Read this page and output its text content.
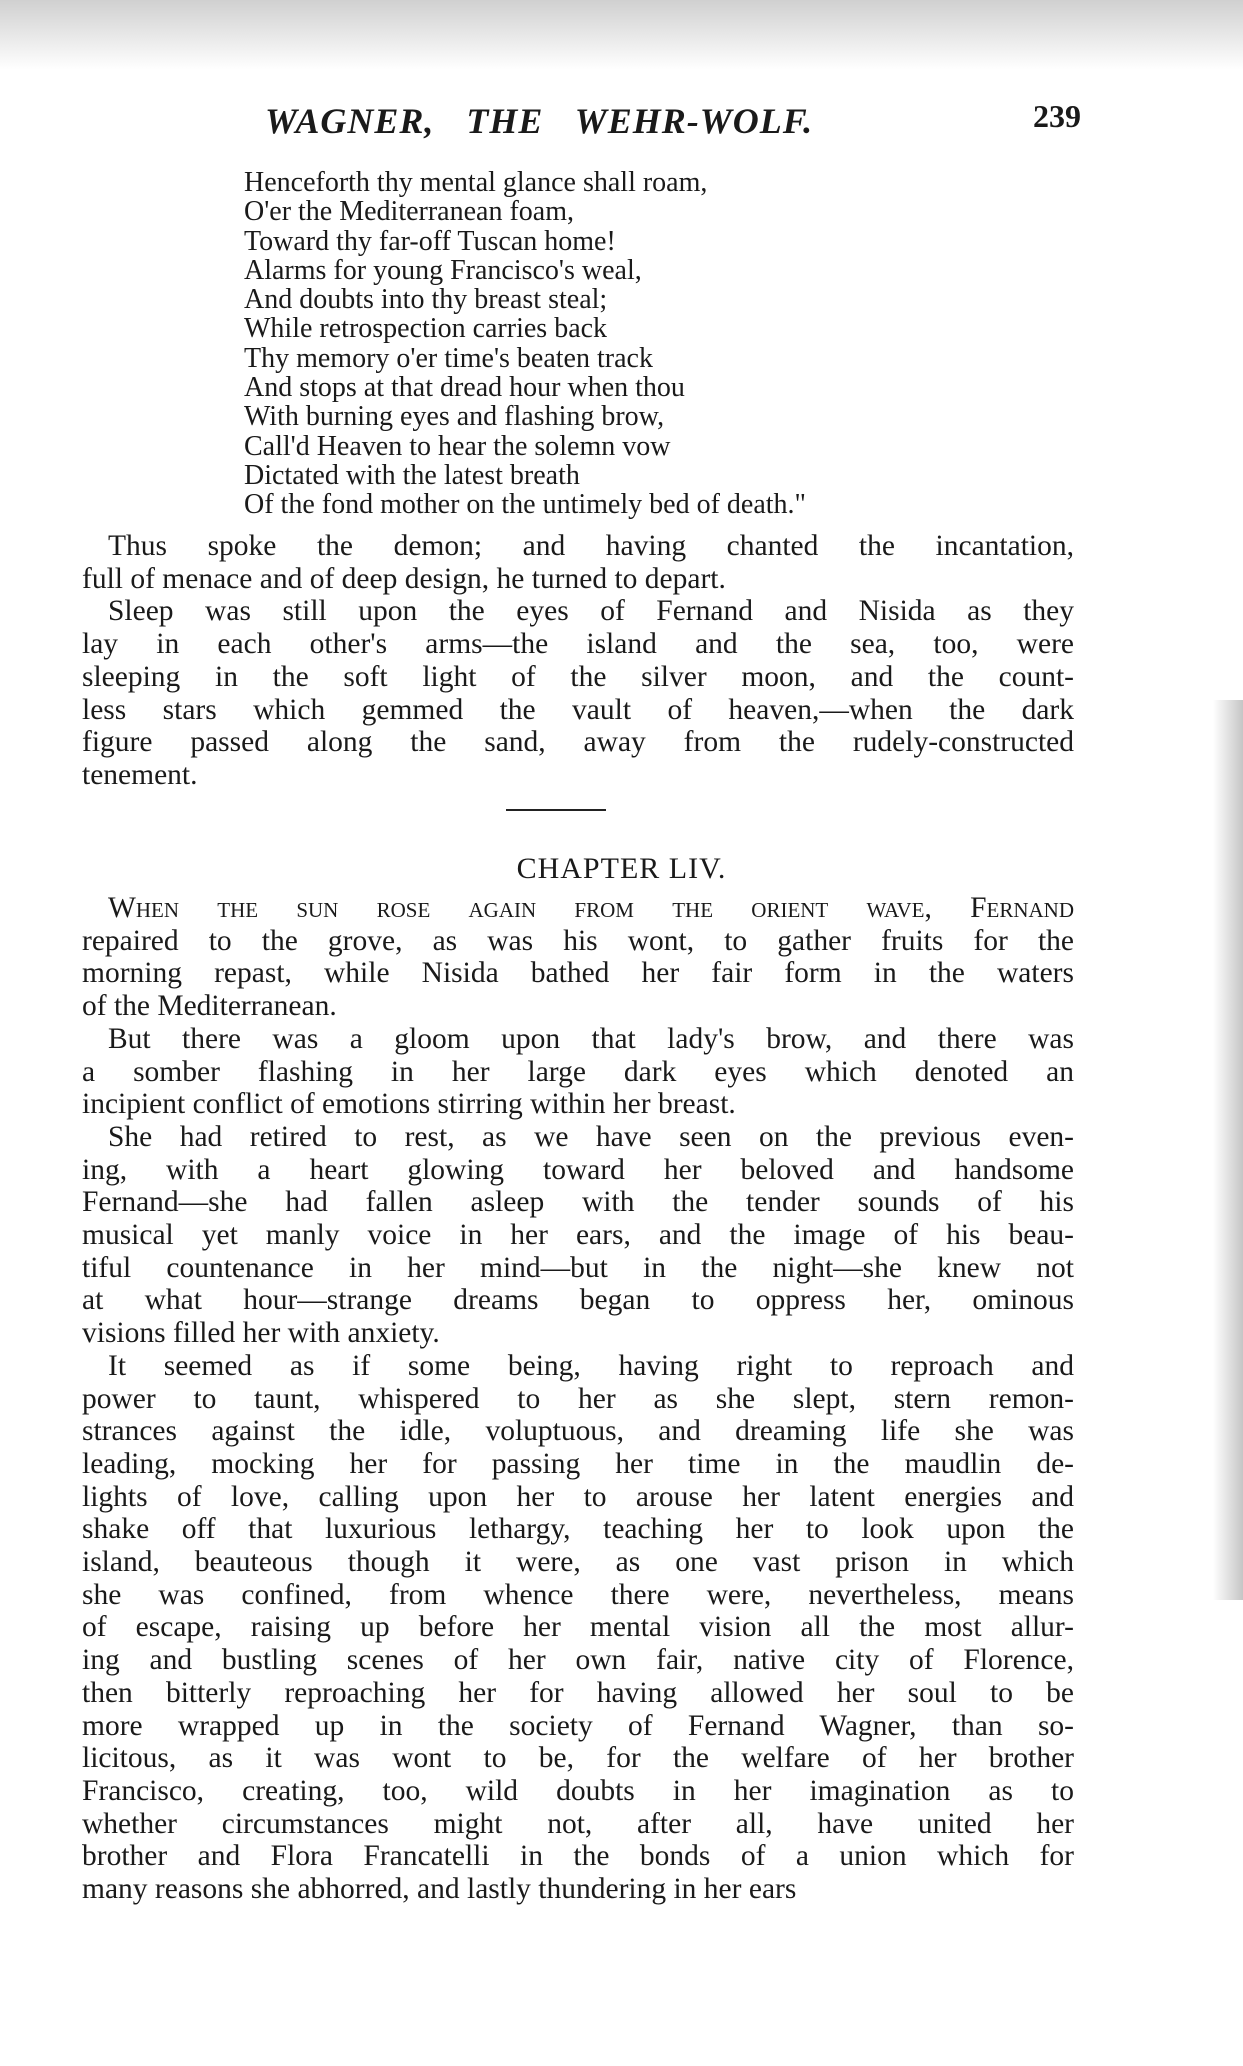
WAGNER, THE WEHR-WOLF.	239
Henceforth thy mental glance shall roam,
O'er the Mediterranean foam,
Toward thy far-off Tuscan home!
Alarms for young Francisco's weal,
And doubts into thy breast steal;
While retrospection carries back
Thy memory o'er time's beaten track
And stops at that dread hour when thou
With burning eyes and flashing brow,
Call'd Heaven to hear the solemn vow
Dictated with the latest breath
Of the fond mother on the untimely bed of death."
Thus spoke the demon; and having chanted the incantation,
full of menace and of deep design, he turned to depart.
Sleep was still upon the eyes of Fernand and Nisida as they
lay in each other's arms—the island and the sea, too, were
sleeping in the soft light of the silver moon, and the count-
less stars which gemmed the vault of heaven,—when the dark
figure passed along the sand, away from the rudely-constructed
tenement.
CHAPTER LIV.
When the sun rose again from the orient wave, Fernand
repaired to the grove, as was his wont, to gather fruits for the
morning repast, while Nisida bathed her fair form in the waters
of the Mediterranean.
But there was a gloom upon that lady's brow, and there was
a somber flashing in her large dark eyes which denoted an
incipient conflict of emotions stirring within her breast.
She had retired to rest, as we have seen on the previous even-
ing, with a heart glowing toward her beloved and handsome
Fernand—she had fallen asleep with the tender sounds of his
musical yet manly voice in her ears, and the image of his beau-
tiful countenance in her mind—but in the night—she knew not
at what hour—strange dreams began to oppress her, ominous
visions filled her with anxiety.
It seemed as if some being, having right to reproach and
power to taunt, whispered to her as she slept, stern remon-
strances against the idle, voluptuous, and dreaming life she was
leading, mocking her for passing her time in the maudlin de-
lights of love, calling upon her to arouse her latent energies and
shake off that luxurious lethargy, teaching her to look upon the
island, beauteous though it were, as one vast prison in which
she was confined, from whence there were, nevertheless, means
of escape, raising up before her mental vision all the most allur-
ing and bustling scenes of her own fair, native city of Florence,
then bitterly reproaching her for having allowed her soul to be
more wrapped up in the society of Fernand Wagner, than so-
licitous, as it was wont to be, for the welfare of her brother
Francisco, creating, too, wild doubts in her imagination as to
whether circumstances might not, after all, have united her
brother and Flora Francatelli in the bonds of a union which for
many reasons she abhorred, and lastly thundering in her ears
